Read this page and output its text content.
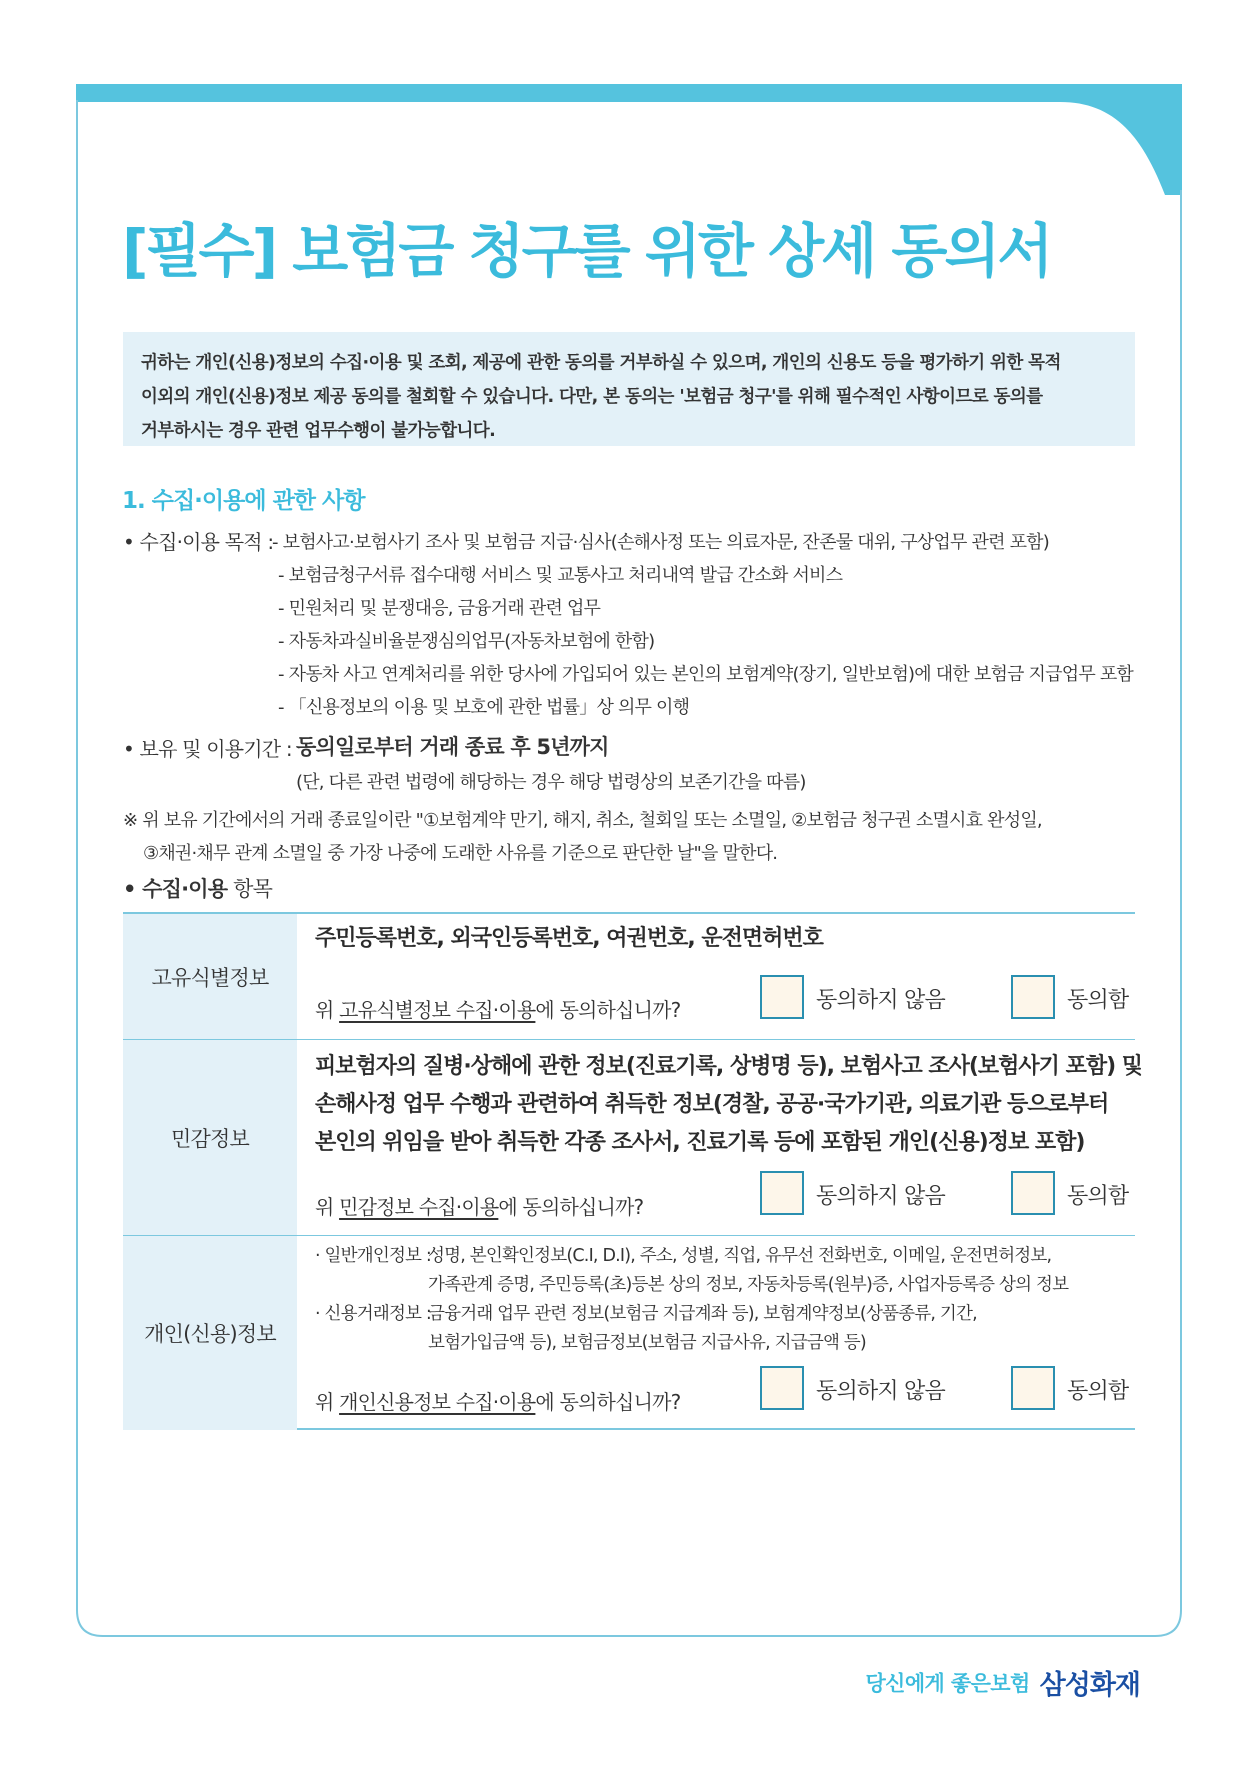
[필수] 보험금 청구를 위한 상세 동의서
귀하는 개인(신용)정보의 수집·이용 및 조회, 제공에 관한 동의를 거부하실 수 있으며, 개인의 신용도 등을 평가하기 위한 목적
이외의 개인(신용)정보 제공 동의를 철회할 수 있습니다. 다만, 본 동의는 '보험금 청구'를 위해 필수적인 사항이므로 동의를
거부하시는 경우 관련 업무수행이 불가능합니다.
1. 수집·이용에 관한 사항
• 수집·이용 목적 :
- 보험사고·보험사기 조사 및 보험금 지급·심사(손해사정 또는 의료자문, 잔존물 대위, 구상업무 관련 포함)
- 보험금청구서류 접수대행 서비스 및 교통사고 처리내역 발급 간소화 서비스
- 민원처리 및 분쟁대응, 금융거래 관련 업무
- 자동차과실비율분쟁심의업무(자동차보험에 한함)
- 자동차 사고 연계처리를 위한 당사에 가입되어 있는 본인의 보험계약(장기, 일반보험)에 대한 보험금 지급업무 포함
- 「신용정보의 이용 및 보호에 관한 법률」상 의무 이행
• 보유 및 이용기간 : 동의일로부터 거래 종료 후 5년까지
(단, 다른 관련 법령에 해당하는 경우 해당 법령상의 보존기간을 따름)
※ 위 보유 기간에서의 거래 종료일이란 "①보험계약 만기, 해지, 취소, 철회일 또는 소멸일, ②보험금 청구권 소멸시효 완성일,
③채권·채무 관계 소멸일 중 가장 나중에 도래한 사유를 기준으로 판단한 날"을 말한다.
• 수집·이용 항목
고유식별정보
주민등록번호, 외국인등록번호, 여권번호, 운전면허번호
위 고유식별정보 수집·이용에 동의하십니까?	동의하지 않음	동의함
민감정보
피보험자의 질병·상해에 관한 정보(진료기록, 상병명 등), 보험사고 조사(보험사기 포함) 및
손해사정 업무 수행과 관련하여 취득한 정보(경찰, 공공·국가기관, 의료기관 등으로부터
본인의 위임을 받아 취득한 각종 조사서, 진료기록 등에 포함된 개인(신용)정보 포함)
위 민감정보 수집·이용에 동의하십니까?	동의하지 않음	동의함
개인(신용)정보
· 일반개인정보 :
성명, 본인확인정보(C.I, D.I), 주소, 성별, 직업, 유무선 전화번호, 이메일, 운전면허정보,
가족관계 증명, 주민등록(초)등본 상의 정보, 자동차등록(원부)증, 사업자등록증 상의 정보
· 신용거래정보 :
금융거래 업무 관련 정보(보험금 지급계좌 등), 보험계약정보(상품종류, 기간,
보험가입금액 등), 보험금정보(보험금 지급사유, 지급금액 등)
위 개인신용정보 수집·이용에 동의하십니까?	동의하지 않음	동의함
당신에게 좋은보험 삼성화재
